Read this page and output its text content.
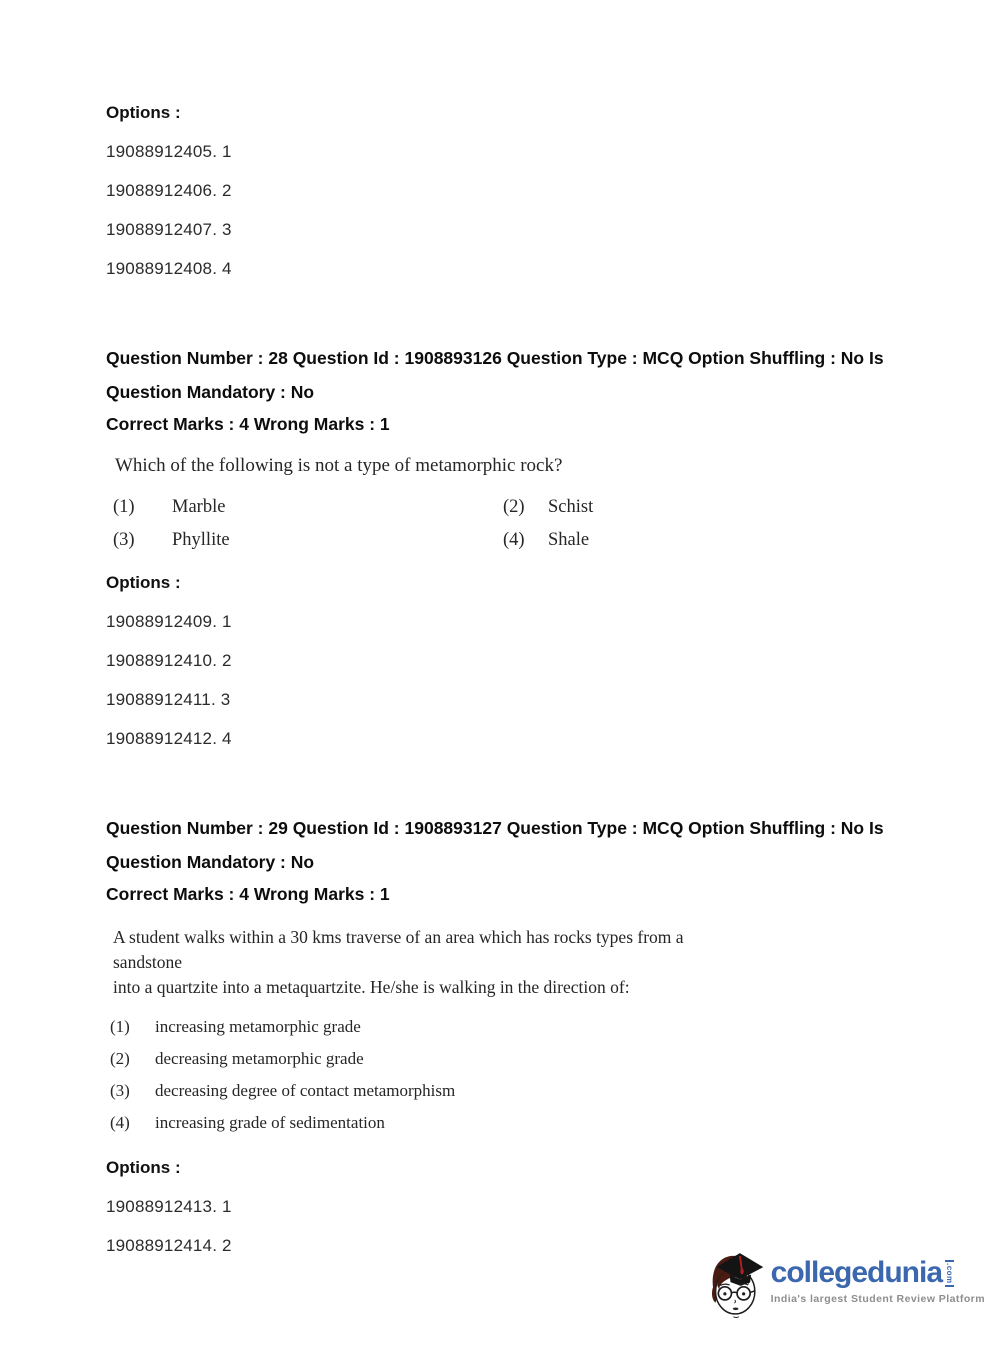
Options :
19088912405. 1
19088912406. 2
19088912407. 3
19088912408. 4
Question Number : 28 Question Id : 1908893126 Question Type : MCQ Option Shuffling : No Is
Question Mandatory : No
Correct Marks : 4 Wrong Marks : 1
Which of the following is not a type of metamorphic rock?
(1)	Marble	(2)	Schist
(3)	Phyllite	(4)	Shale
Options :
19088912409. 1
19088912410. 2
19088912411. 3
19088912412. 4
Question Number : 29 Question Id : 1908893127 Question Type : MCQ Option Shuffling : No Is
Question Mandatory : No
Correct Marks : 4 Wrong Marks : 1
A student walks within a 30 kms traverse of an area which has rocks types from a sandstone
into a quartzite into a metaquartzite. He/she is walking in the direction of:
(1)	increasing metamorphic grade
(2)	decreasing metamorphic grade
(3)	decreasing degree of contact metamorphism
(4)	increasing grade of sedimentation
Options :
19088912413. 1
19088912414. 2
collegedunia .com
India's largest Student Review Platform
